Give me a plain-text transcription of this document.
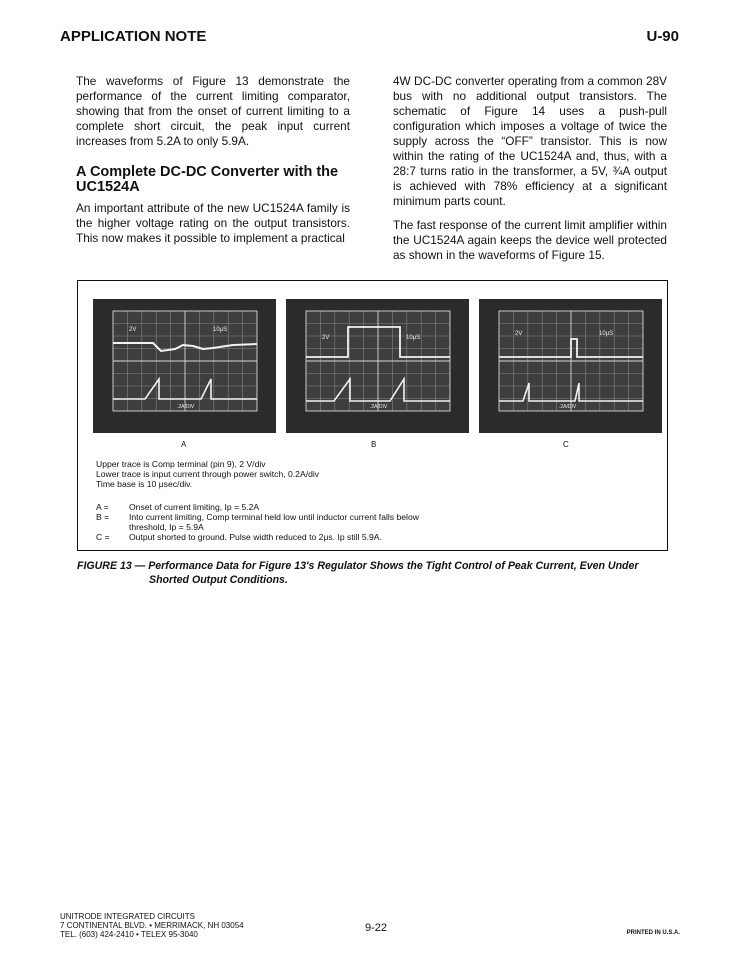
APPLICATION NOTE	U-90

The waveforms of Figure 13 demonstrate the performance of the current limiting comparator, showing that from the onset of current limiting to a complete short circuit, the peak input current increases from 5.2A to only 5.9A.

A Complete DC-DC Converter with the UC1524A

An important attribute of the new UC1524A family is the higher voltage rating on the output transistors. This now makes it possible to implement a practical

4W DC-DC converter operating from a common 28V bus with no additional output transistors. The schematic of Figure 14 uses a push-pull configuration which imposes a voltage of twice the supply across the “OFF” transistor. This is now within the rating of the UC1524A and, thus, with a 28:7 turns ratio in the transformer, a 5V, ¾A output is achieved with 78% efficiency at a significant minimum parts count.

The fast response of the current limit amplifier within the UC1524A again keeps the device well protected as shown in the waveforms of Figure 15.

2V	10μS
.2A/DIV
2V	10μS
.2A/DIV
2V	10μS
.2A/DIV
A	B	C
Upper trace is Comp terminal (pin 9), 2 V/div
Lower trace is input current through power switch, 0.2A/div
Time base is 10 μsec/div.
A =	Onset of current limiting, Ip = 5.2A
B =	Into current limiting, Comp terminal held low until inductor current falls below
threshold, Ip = 5.9A
C =	Output shorted to ground. Pulse width reduced to 2μs. Ip still 5.9A.
FIGURE 13 — Performance Data for Figure 13's Regulator Shows the Tight Control of Peak Current, Even Under
Shorted Output Conditions.
UNITRODE INTEGRATED CIRCUITS
7 CONTINENTAL BLVD. • MERRIMACK, NH 03054
TEL. (603) 424-2410 • TELEX 95-3040
9-22	PRINTED IN U.S.A.
